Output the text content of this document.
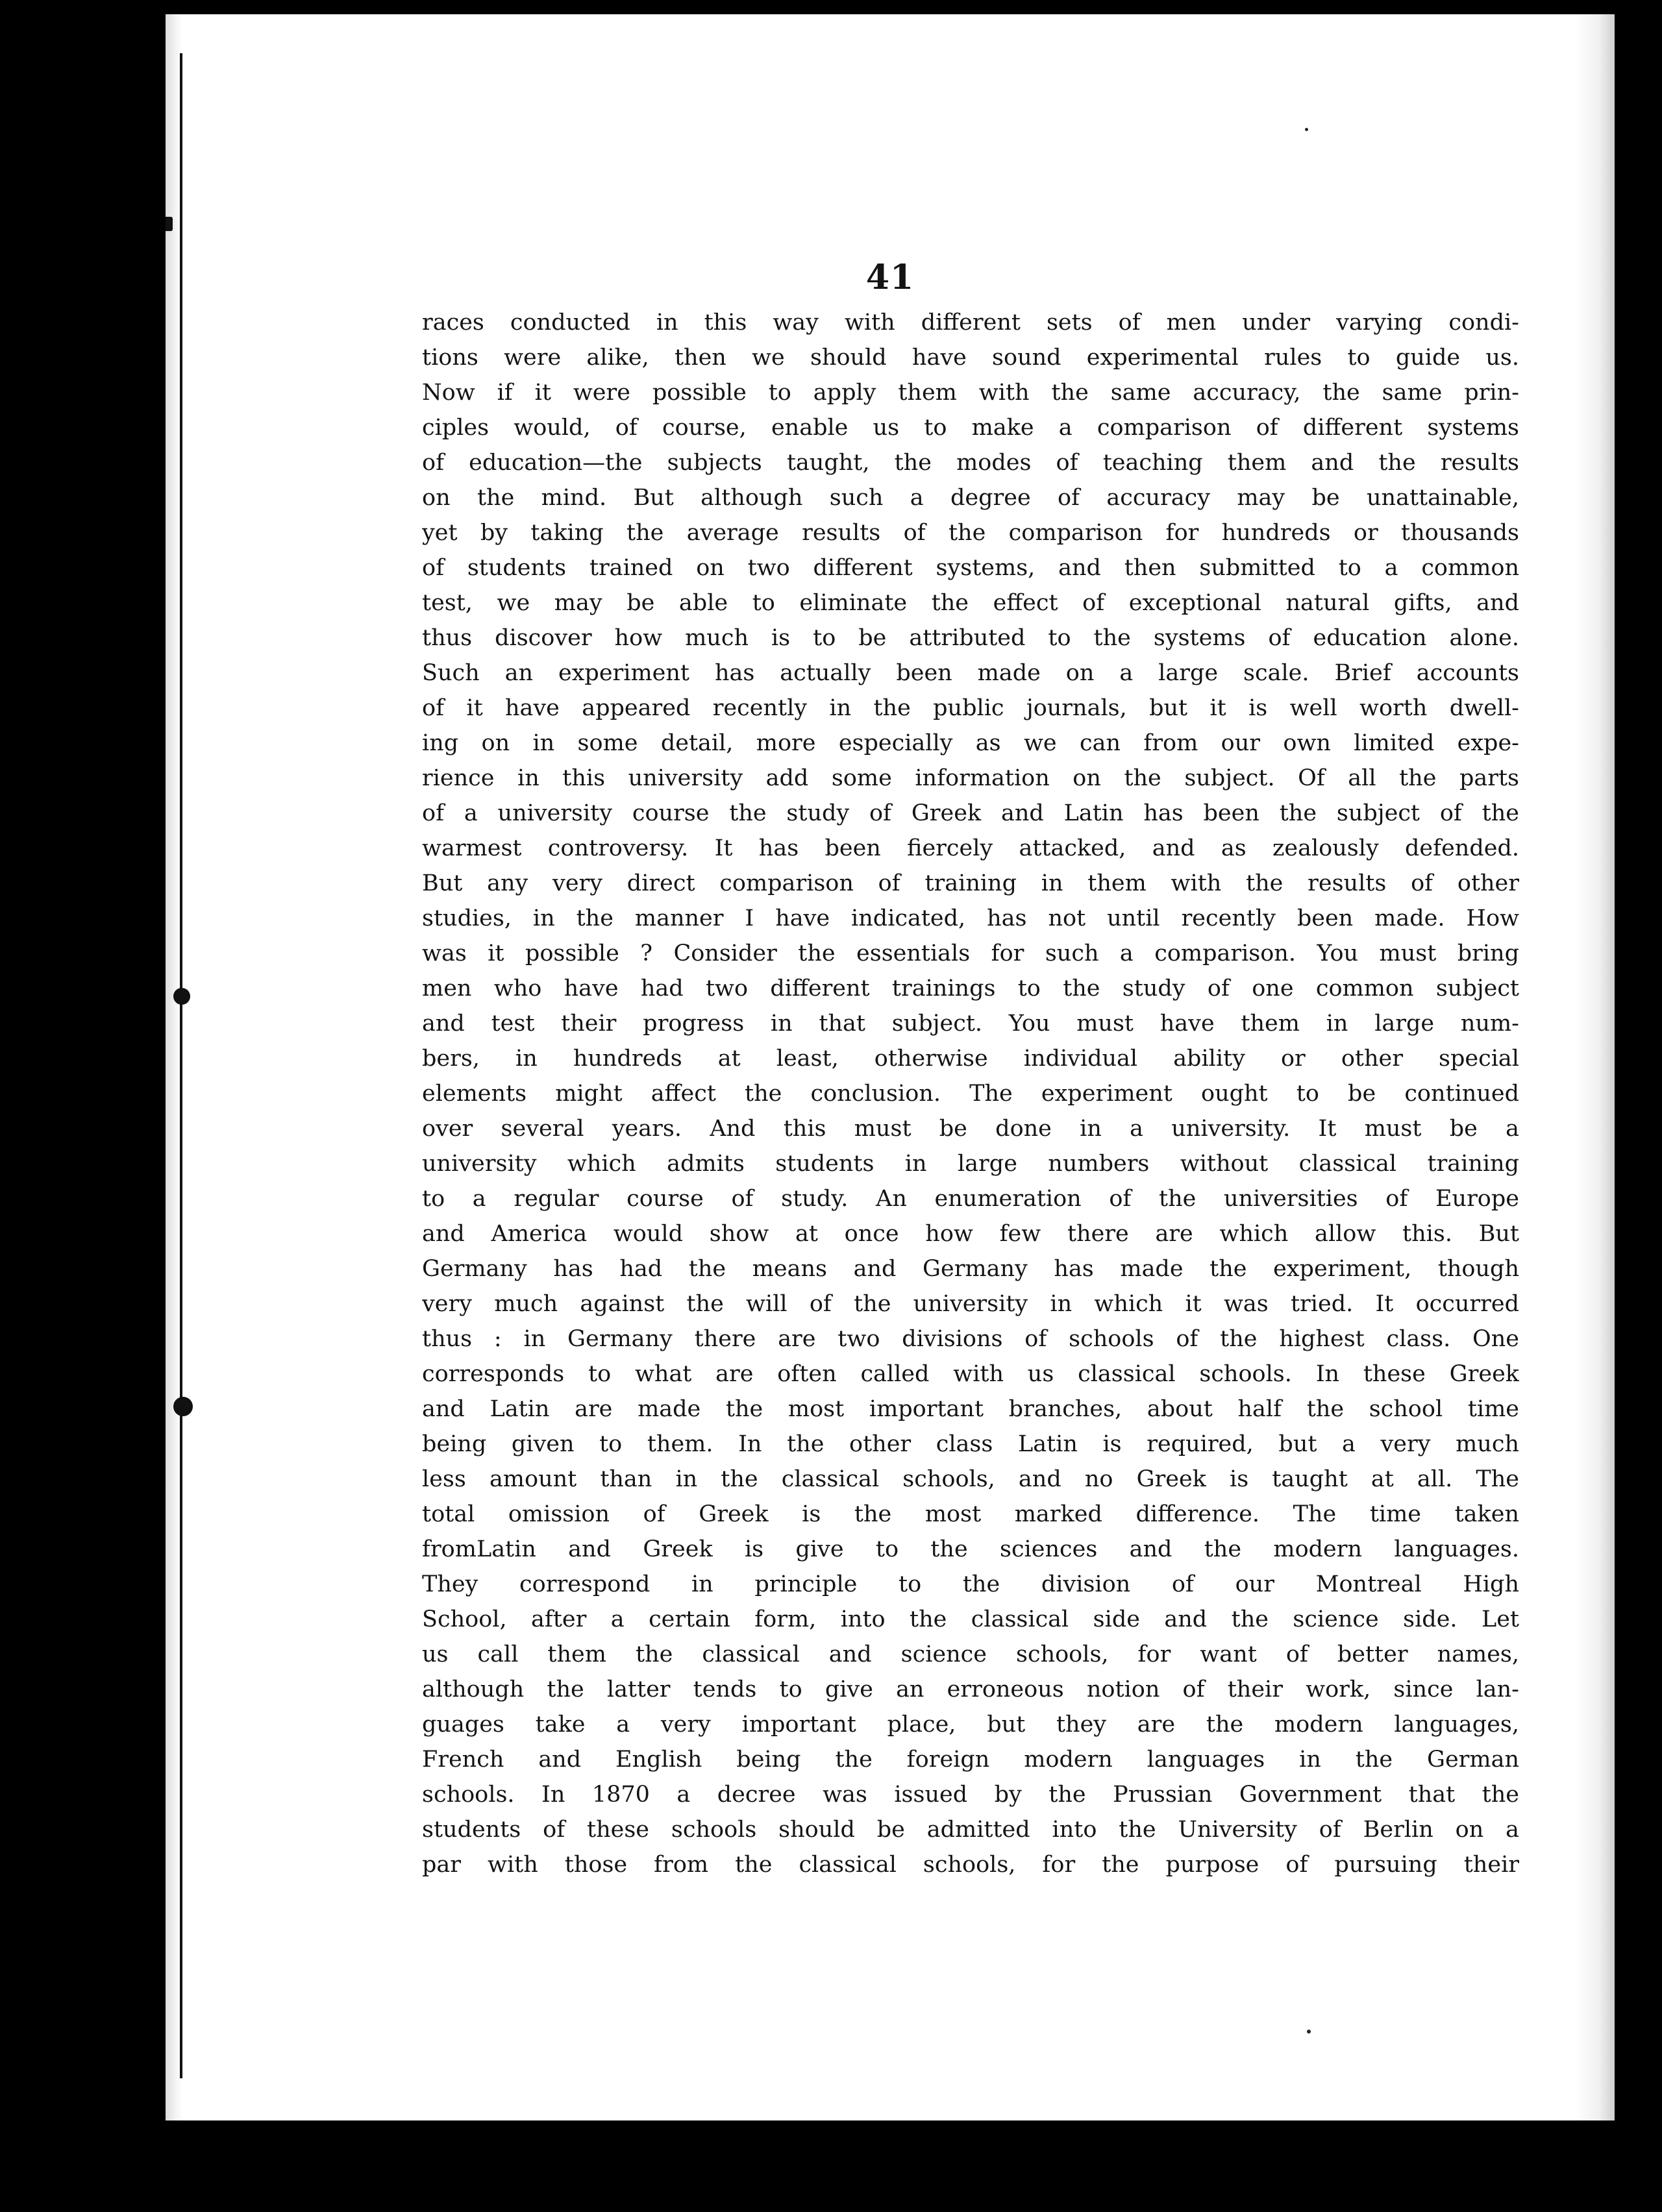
41
races conducted in this way with different sets of men under varying condi-
tions were alike, then we should have sound experimental rules to guide us.
Now if it were possible to apply them with the same accuracy, the same prin-
ciples would, of course, enable us to make a comparison of different systems
of education—the subjects taught, the modes of teaching them and the results
on the mind. But although such a degree of accuracy may be unattainable,
yet by taking the average results of the comparison for hundreds or thousands
of students trained on two different systems, and then submitted to a common
test, we may be able to eliminate the effect of exceptional natural gifts, and
thus discover how much is to be attributed to the systems of education alone.
Such an experiment has actually been made on a large scale. Brief accounts
of it have appeared recently in the public journals, but it is well worth dwell-
ing on in some detail, more especially as we can from our own limited expe-
rience in this university add some information on the subject. Of all the parts
of a university course the study of Greek and Latin has been the subject of the
warmest controversy. It has been fiercely attacked, and as zealously defended.
But any very direct comparison of training in them with the results of other
studies, in the manner I have indicated, has not until recently been made. How
was it possible ? Consider the essentials for such a comparison. You must bring
men who have had two different trainings to the study of one common subject
and test their progress in that subject. You must have them in large num-
bers, in hundreds at least, otherwise individual ability or other special
elements might affect the conclusion. The experiment ought to be continued
over several years. And this must be done in a university. It must be a
university which admits students in large numbers without classical training
to a regular course of study. An enumeration of the universities of Europe
and America would show at once how few there are which allow this. But
Germany has had the means and Germany has made the experiment, though
very much against the will of the university in which it was tried. It occurred
thus : in Germany there are two divisions of schools of the highest class. One
corresponds to what are often called with us classical schools. In these Greek
and Latin are made the most important branches, about half the school time
being given to them. In the other class Latin is required, but a very much
less amount than in the classical schools, and no Greek is taught at all. The
total omission of Greek is the most marked difference. The time taken
fromLatin and Greek is give to the sciences and the modern languages.
They correspond in principle to the division of our Montreal High
School, after a certain form, into the classical side and the science side. Let
us call them the classical and science schools, for want of better names,
although the latter tends to give an erroneous notion of their work, since lan-
guages take a very important place, but they are the modern languages,
French and English being the foreign modern languages in the German
schools. In 1870 a decree was issued by the Prussian Government that the
students of these schools should be admitted into the University of Berlin on a
par with those from the classical schools, for the purpose of pursuing their
